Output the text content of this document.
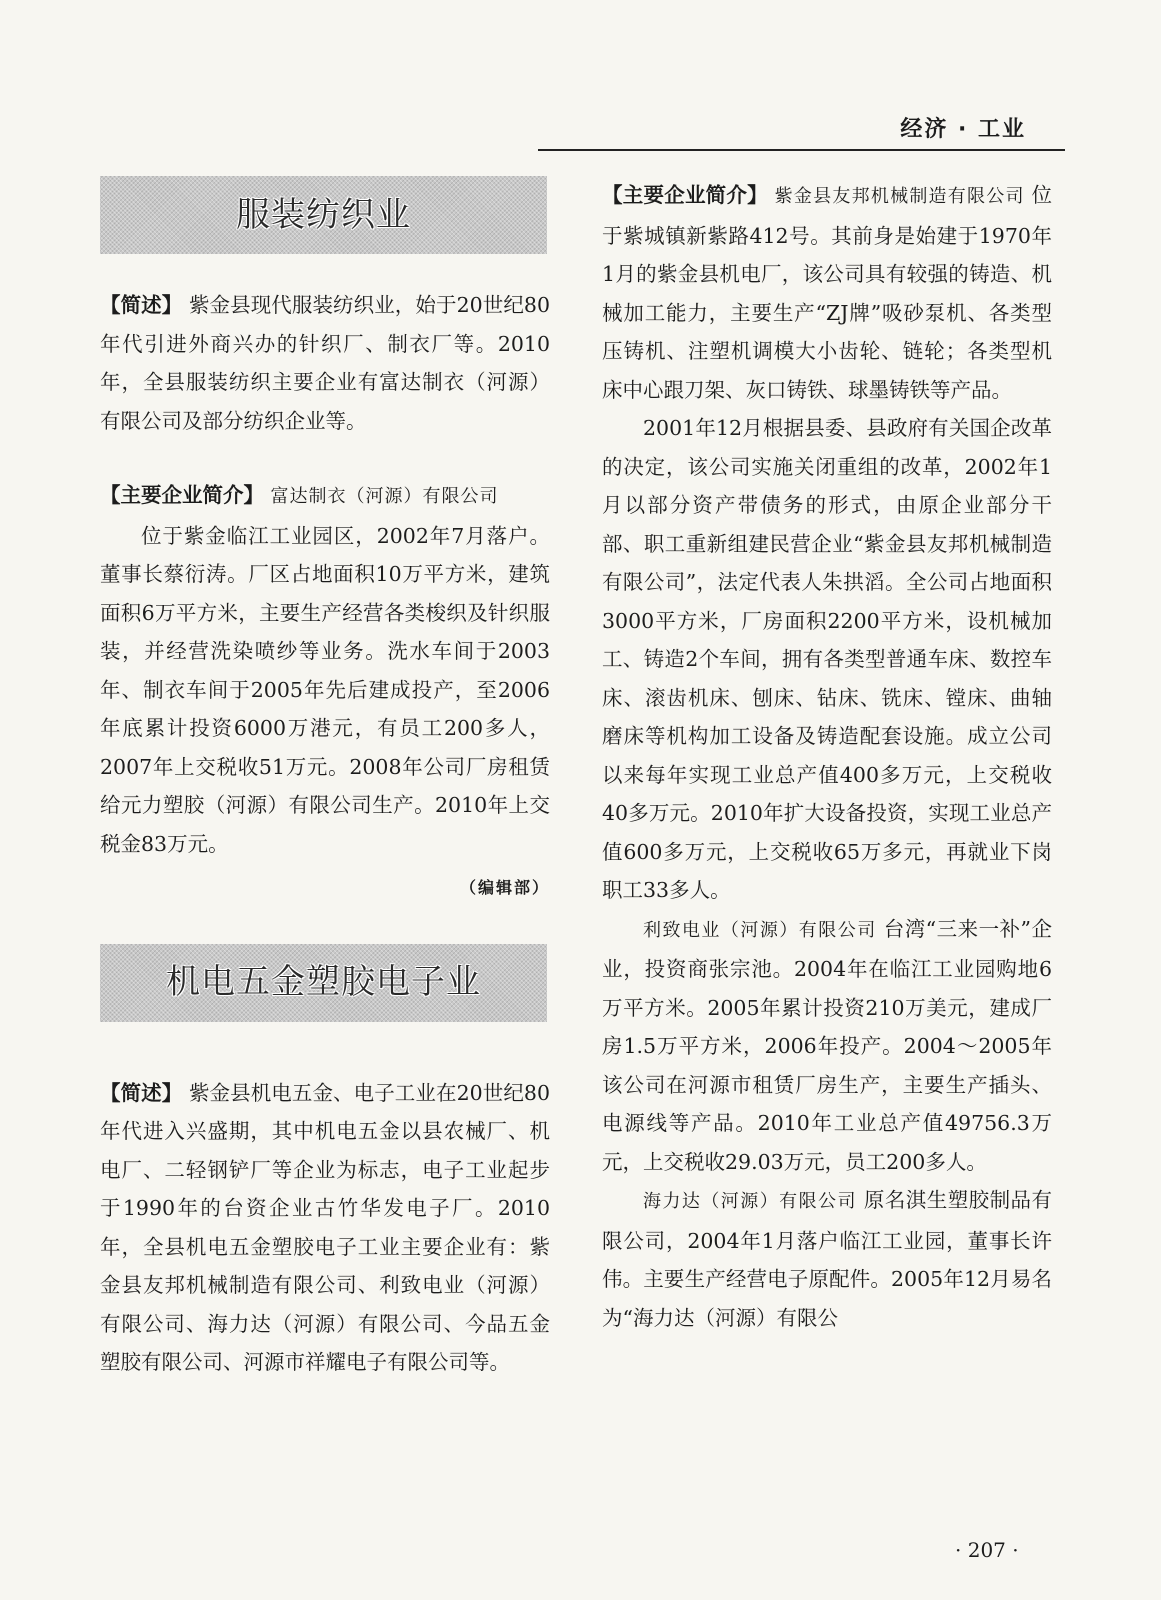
经济 · 工业
服装纺织业

【简述】 紫金县现代服装纺织业，始于20世纪80年代引进外商兴办的针织厂、制衣厂等。2010年，全县服装纺织主要企业有富达制衣（河源）有限公司及部分纺织企业等。

【主要企业简介】 富达制衣（河源）有限公司

位于紫金临江工业园区，2002年7月落户。董事长蔡衍涛。厂区占地面积10万平方米，建筑面积6万平方米，主要生产经营各类梭织及针织服装，并经营洗染喷纱等业务。洗水车间于2003年、制衣车间于2005年先后建成投产，至2006年底累计投资6000万港元，有员工200多人，2007年上交税收51万元。2008年公司厂房租赁给元力塑胶（河源）有限公司生产。2010年上交税金83万元。

（编辑部）
机电五金塑胶电子业

【简述】 紫金县机电五金、电子工业在20世纪80年代进入兴盛期，其中机电五金以县农械厂、机电厂、二轻钢铲厂等企业为标志，电子工业起步于1990年的台资企业古竹华发电子厂。2010年，全县机电五金塑胶电子工业主要企业有：紫金县友邦机械制造有限公司、利致电业（河源）有限公司、海力达（河源）有限公司、今品五金塑胶有限公司、河源市祥耀电子有限公司等。

【主要企业简介】 紫金县友邦机械制造有限公司 位于紫城镇新紫路412号。其前身是始建于1970年1月的紫金县机电厂，该公司具有较强的铸造、机械加工能力，主要生产“ZJ牌”吸砂泵机、各类型压铸机、注塑机调模大小齿轮、链轮；各类型机床中心跟刀架、灰口铸铁、球墨铸铁等产品。

2001年12月根据县委、县政府有关国企改革的决定，该公司实施关闭重组的改革，2002年1月以部分资产带债务的形式，由原企业部分干部、职工重新组建民营企业“紫金县友邦机械制造有限公司”，法定代表人朱拱滔。全公司占地面积3000平方米，厂房面积2200平方米，设机械加工、铸造2个车间，拥有各类型普通车床、数控车床、滚齿机床、刨床、钻床、铣床、镗床、曲轴磨床等机构加工设备及铸造配套设施。成立公司以来每年实现工业总产值400多万元，上交税收40多万元。2010年扩大设备投资，实现工业总产值600多万元，上交税收65万多元，再就业下岗职工33多人。

利致电业（河源）有限公司 台湾“三来一补”企业，投资商张宗池。2004年在临江工业园购地6万平方米。2005年累计投资210万美元，建成厂房1.5万平方米，2006年投产。2004～2005年该公司在河源市租赁厂房生产，主要生产插头、电源线等产品。2010年工业总产值49756.3万元，上交税收29.03万元，员工200多人。

海力达（河源）有限公司 原名淇生塑胶制品有限公司，2004年1月落户临江工业园，董事长许伟。主要生产经营电子原配件。2005年12月易名为“海力达（河源）有限公

· 207 ·
